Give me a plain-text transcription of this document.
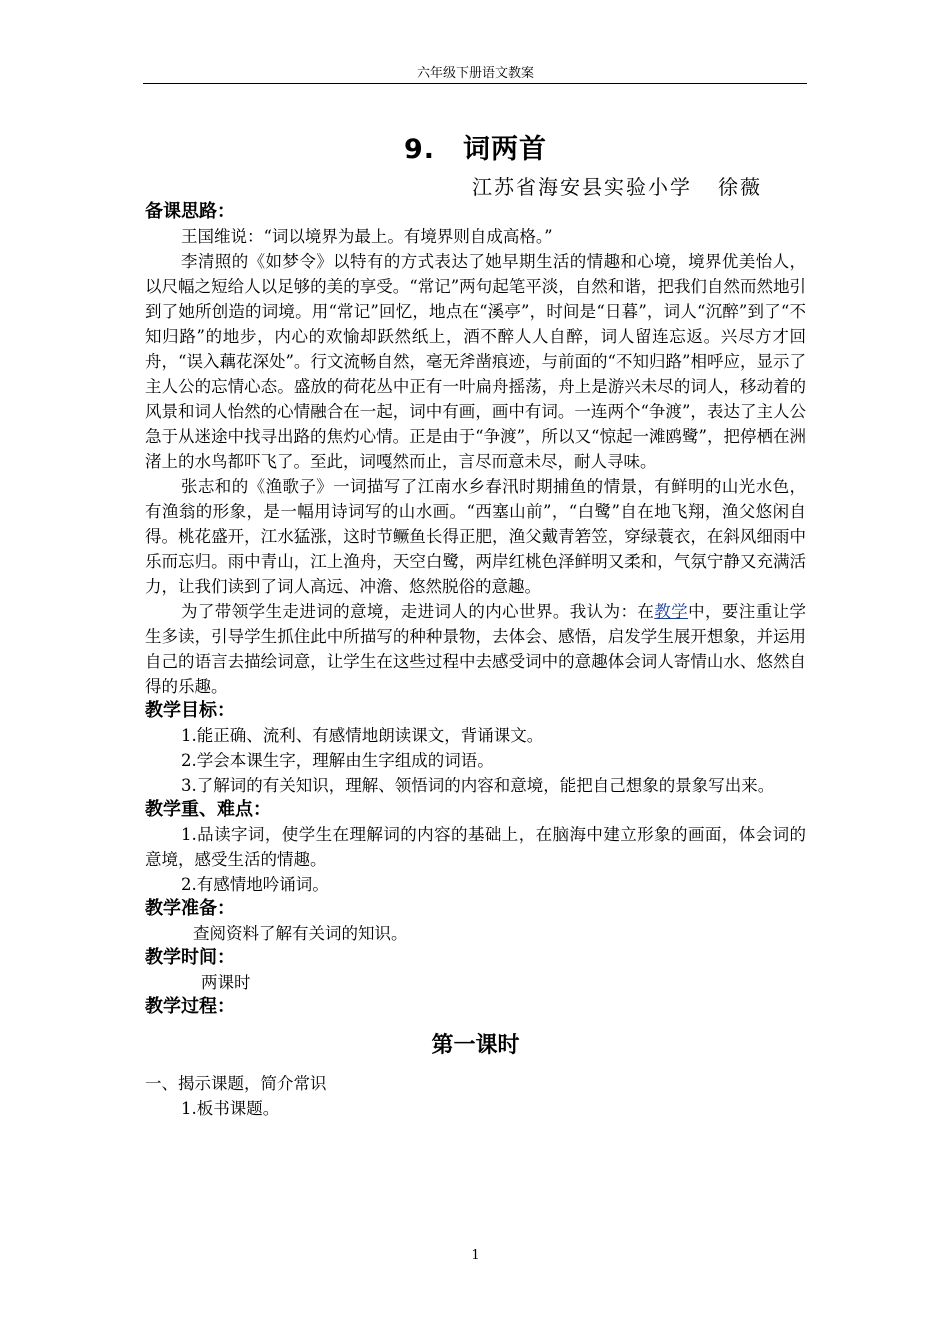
六年级下册语文教案
9. 词两首
江苏省海安县实验小学 徐薇

备课思路：

王国维说：“词以境界为最上。有境界则自成高格。”

李清照的《如梦令》以特有的方式表达了她早期生活的情趣和心境，境界优美怡人，以尺幅之短给人以足够的美的享受。“常记”两句起笔平淡，自然和谐，把我们自然而然地引到了她所创造的词境。用“常记”回忆，地点在“溪亭”，时间是“日暮”，词人“沉醉”到了“不知归路”的地步，内心的欢愉却跃然纸上，酒不醉人人自醉，词人留连忘返。兴尽方才回舟，“误入藕花深处”。行文流畅自然，毫无斧凿痕迹，与前面的“不知归路”相呼应，显示了主人公的忘情心态。盛放的荷花丛中正有一叶扁舟摇荡，舟上是游兴未尽的词人，移动着的风景和词人怡然的心情融合在一起，词中有画，画中有词。一连两个“争渡”，表达了主人公急于从迷途中找寻出路的焦灼心情。正是由于“争渡”，所以又“惊起一滩鸥鹭”，把停栖在洲渚上的水鸟都吓飞了。至此，词嘎然而止，言尽而意未尽，耐人寻味。

张志和的《渔歌子》一词描写了江南水乡春汛时期捕鱼的情景，有鲜明的山光水色，有渔翁的形象，是一幅用诗词写的山水画。“西塞山前”，“白鹭”自在地飞翔，渔父悠闲自得。桃花盛开，江水猛涨，这时节鳜鱼长得正肥，渔父戴青箬笠，穿绿蓑衣，在斜风细雨中乐而忘归。雨中青山，江上渔舟，天空白鹭，两岸红桃色泽鲜明又柔和，气氛宁静又充满活力，让我们读到了词人高远、冲澹、悠然脱俗的意趣。

为了带领学生走进词的意境，走进词人的内心世界。我认为：在教学中，要注重让学生多读，引导学生抓住此中所描写的种种景物，去体会、感悟，启发学生展开想象，并运用自己的语言去描绘词意，让学生在这些过程中去感受词中的意趣体会词人寄情山水、悠然自得的乐趣。

教学目标：

1.能正确、流利、有感情地朗读课文，背诵课文。

2.学会本课生字，理解由生字组成的词语。

3.了解词的有关知识，理解、领悟词的内容和意境，能把自己想象的景象写出来。

教学重、难点：

1.品读字词，使学生在理解词的内容的基础上，在脑海中建立形象的画面，体会词的意境，感受生活的情趣。

2.有感情地吟诵词。

教学准备：

查阅资料了解有关词的知识。

教学时间：

两课时

教学过程：

第一课时

一、揭示课题，简介常识

1.板书课题。

1
